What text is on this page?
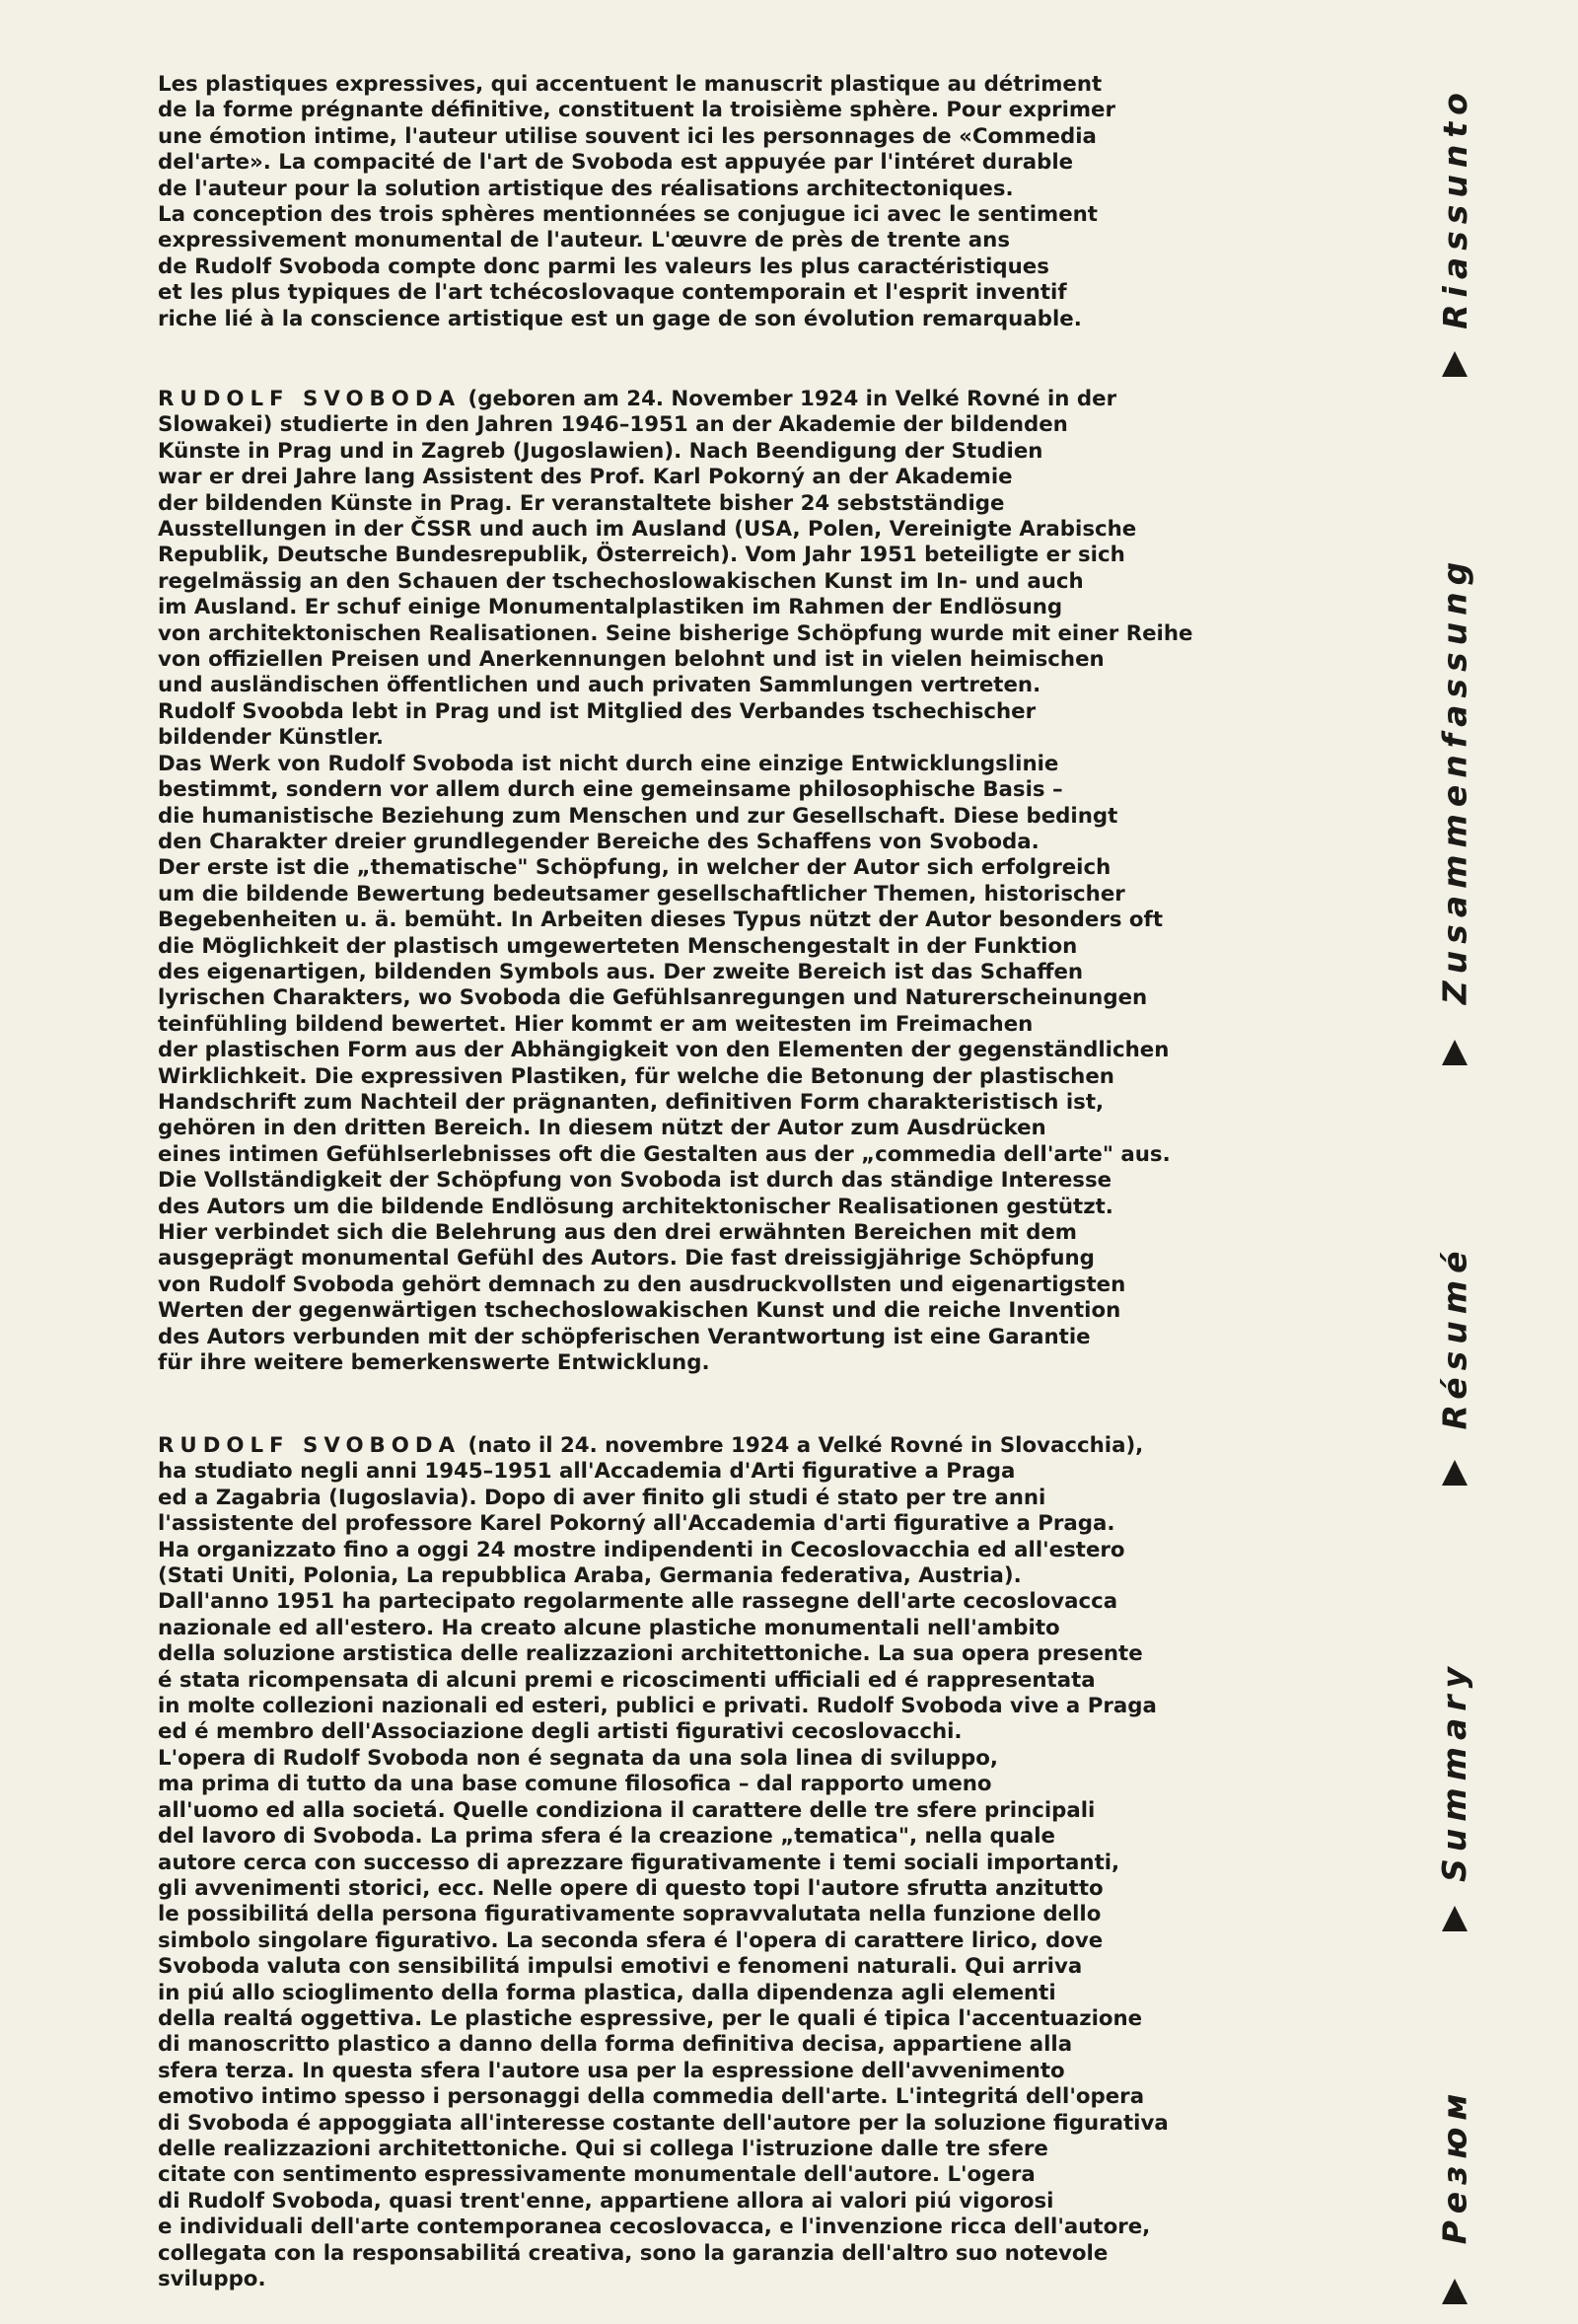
Les plastiques expressives, qui accentuent le manuscrit plastique au détriment
de la forme prégnante définitive, constituent la troisième sphère. Pour exprimer
une émotion intime, l'auteur utilise souvent ici les personnages de «Commedia
del'arte». La compacité de l'art de Svoboda est appuyée par l'intéret durable
de l'auteur pour la solution artistique des réalisations architectoniques.
La conception des trois sphères mentionnées se conjugue ici avec le sentiment
expressivement monumental de l'auteur. L'œuvre de près de trente ans
de Rudolf Svoboda compte donc parmi les valeurs les plus caractéristiques
et les plus typiques de l'art tchécoslovaque contemporain et l'esprit inventif
riche lié à la conscience artistique est un gage de son évolution remarquable.

RUDOLF SVOBODA (geboren am 24. November 1924 in Velké Rovné in der
Slowakei) studierte in den Jahren 1946–1951 an der Akademie der bildenden
Künste in Prag und in Zagreb (Jugoslawien). Nach Beendigung der Studien
war er drei Jahre lang Assistent des Prof. Karl Pokorný an der Akademie
der bildenden Künste in Prag. Er veranstaltete bisher 24 sebstständige
Ausstellungen in der ČSSR und auch im Ausland (USA, Polen, Vereinigte Arabische
Republik, Deutsche Bundesrepublik, Österreich). Vom Jahr 1951 beteiligte er sich
regelmässig an den Schauen der tschechoslowakischen Kunst im In- und auch
im Ausland. Er schuf einige Monumentalplastiken im Rahmen der Endlösung
von architektonischen Realisationen. Seine bisherige Schöpfung wurde mit einer Reihe
von offiziellen Preisen und Anerkennungen belohnt und ist in vielen heimischen
und ausländischen öffentlichen und auch privaten Sammlungen vertreten.
Rudolf Svoobda lebt in Prag und ist Mitglied des Verbandes tschechischer
bildender Künstler.
Das Werk von Rudolf Svoboda ist nicht durch eine einzige Entwicklungslinie
bestimmt, sondern vor allem durch eine gemeinsame philosophische Basis –
die humanistische Beziehung zum Menschen und zur Gesellschaft. Diese bedingt
den Charakter dreier grundlegender Bereiche des Schaffens von Svoboda.
Der erste ist die „thematische" Schöpfung, in welcher der Autor sich erfolgreich
um die bildende Bewertung bedeutsamer gesellschaftlicher Themen, historischer
Begebenheiten u. ä. bemüht. In Arbeiten dieses Typus nützt der Autor besonders oft
die Möglichkeit der plastisch umgewerteten Menschengestalt in der Funktion
des eigenartigen, bildenden Symbols aus. Der zweite Bereich ist das Schaffen
lyrischen Charakters, wo Svoboda die Gefühlsanregungen und Naturerscheinungen
teinfühling bildend bewertet. Hier kommt er am weitesten im Freimachen
der plastischen Form aus der Abhängigkeit von den Elementen der gegenständlichen
Wirklichkeit. Die expressiven Plastiken, für welche die Betonung der plastischen
Handschrift zum Nachteil der prägnanten, definitiven Form charakteristisch ist,
gehören in den dritten Bereich. In diesem nützt der Autor zum Ausdrücken
eines intimen Gefühlserlebnisses oft die Gestalten aus der „commedia dell'arte" aus.
Die Vollständigkeit der Schöpfung von Svoboda ist durch das ständige Interesse
des Autors um die bildende Endlösung architektonischer Realisationen gestützt.
Hier verbindet sich die Belehrung aus den drei erwähnten Bereichen mit dem
ausgeprägt monumental Gefühl des Autors. Die fast dreissigjährige Schöpfung
von Rudolf Svoboda gehört demnach zu den ausdruckvollsten und eigenartigsten
Werten der gegenwärtigen tschechoslowakischen Kunst und die reiche Invention
des Autors verbunden mit der schöpferischen Verantwortung ist eine Garantie
für ihre weitere bemerkenswerte Entwicklung.

RUDOLF SVOBODA (nato il 24. novembre 1924 a Velké Rovné in Slovacchia),
ha studiato negli anni 1945–1951 all'Accademia d'Arti figurative a Praga
ed a Zagabria (Iugoslavia). Dopo di aver finito gli studi é stato per tre anni
l'assistente del professore Karel Pokorný all'Accademia d'arti figurative a Praga.
Ha organizzato fino a oggi 24 mostre indipendenti in Cecoslovacchia ed all'estero
(Stati Uniti, Polonia, La repubblica Araba, Germania federativa, Austria).
Dall'anno 1951 ha partecipato regolarmente alle rassegne dell'arte cecoslovacca
nazionale ed all'estero. Ha creato alcune plastiche monumentali nell'ambito
della soluzione arstistica delle realizzazioni architettoniche. La sua opera presente
é stata ricompensata di alcuni premi e ricoscimenti ufficiali ed é rappresentata
in molte collezioni nazionali ed esteri, publici e privati. Rudolf Svoboda vive a Praga
ed é membro dell'Associazione degli artisti figurativi cecoslovacchi.
L'opera di Rudolf Svoboda non é segnata da una sola linea di sviluppo,
ma prima di tutto da una base comune filosofica – dal rapporto umeno
all'uomo ed alla societá. Quelle condiziona il carattere delle tre sfere principali
del lavoro di Svoboda. La prima sfera é la creazione „tematica", nella quale
autore cerca con successo di aprezzare figurativamente i temi sociali importanti,
gli avvenimenti storici, ecc. Nelle opere di questo topi l'autore sfrutta anzitutto
le possibilitá della persona figurativamente sopravvalutata nella funzione dello
simbolo singolare figurativo. La seconda sfera é l'opera di carattere lirico, dove
Svoboda valuta con sensibilitá impulsi emotivi e fenomeni naturali. Qui arriva
in piú allo scioglimento della forma plastica, dalla dipendenza agli elementi
della realtá oggettiva. Le plastiche espressive, per le quali é tipica l'accentuazione
di manoscritto plastico a danno della forma definitiva decisa, appartiene alla
sfera terza. In questa sfera l'autore usa per la espressione dell'avvenimento
emotivo intimo spesso i personaggi della commedia dell'arte. L'integritá dell'opera
di Svoboda é appoggiata all'interesse costante dell'autore per la soluzione figurativa
delle realizzazioni architettoniche. Qui si collega l'istruzione dalle tre sfere
citate con sentimento espressivamente monumentale dell'autore. L'ogera
di Rudolf Svoboda, quasi trent'enne, appartiene allora ai valori piú vigorosi
e individuali dell'arte contemporanea cecoslovacca, e l'invenzione ricca dell'autore,
collegata con la responsabilitá creativa, sono la garanzia dell'altro suo notevole
sviluppo.

Riassunto
Zusammenfassung
Résumé
Summary
Резюм
